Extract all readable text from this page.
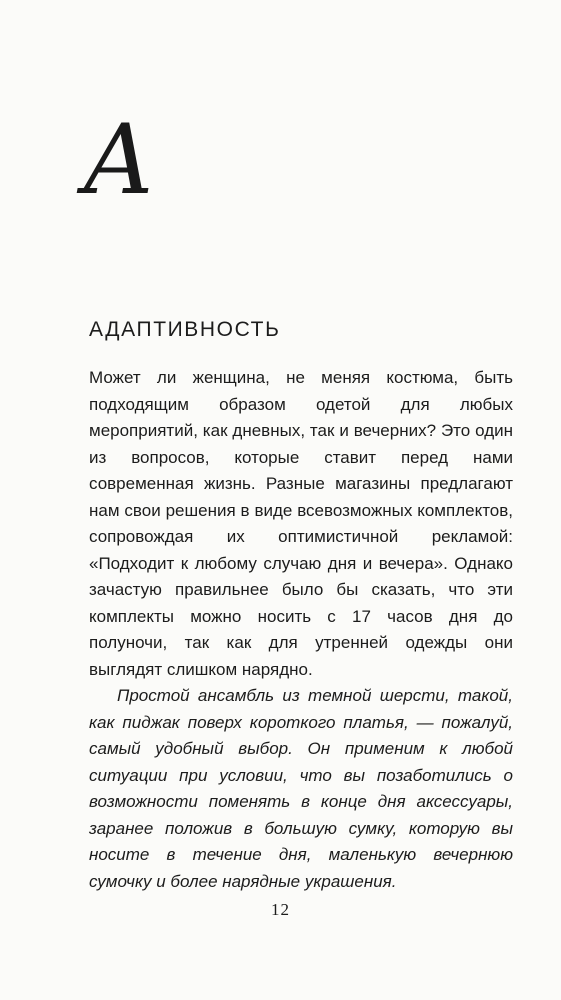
A
АДАПТИВНОСТЬ

Может ли женщина, не меняя костюма, быть подходящим образом одетой для любых мероприятий, как дневных, так и вечерних? Это один из вопросов, которые ставит перед нами современная жизнь. Разные магазины предлагают нам свои решения в виде всевозможных комплектов, сопровождая их оптимистичной рекламой: «Подходит к любому случаю дня и вечера». Однако зачастую правильнее было бы сказать, что эти комплекты можно носить с 17 часов дня до полуночи, так как для утренней одежды они выглядят слишком нарядно.

Простой ансамбль из темной шерсти, такой, как пиджак поверх короткого платья, — пожалуй, самый удобный выбор. Он применим к любой ситуации при условии, что вы позаботились о возможности поменять в конце дня аксессуары, заранее положив в большую сумку, которую вы носите в течение дня, маленькую вечернюю сумочку и более нарядные украшения.

12
